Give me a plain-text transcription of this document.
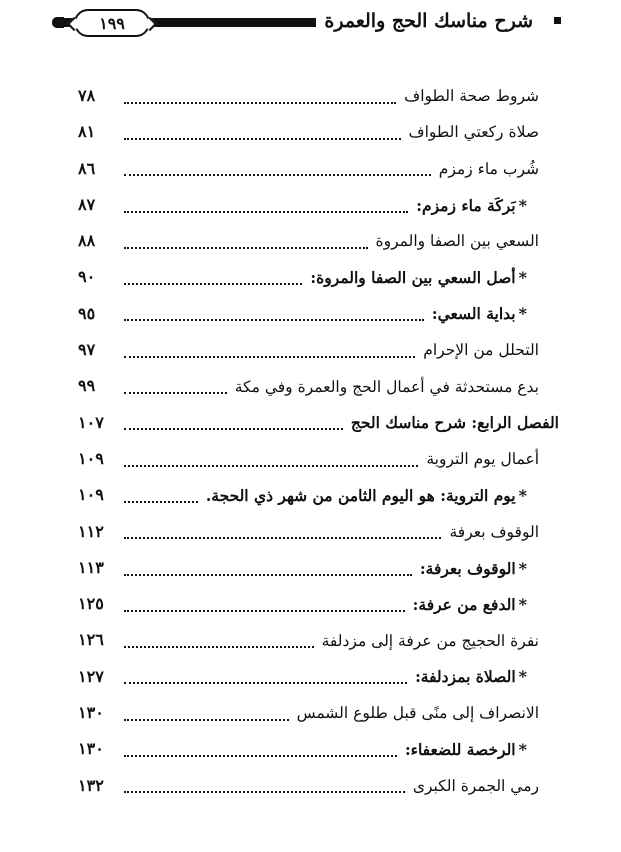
١٩٩	شرح مناسك الحج والعمرة
شروط صحة الطواف
٧٨
صلاة ركعتي الطواف
٨١
شُرب ماء زمزم
٨٦
*
بَركَة ماء زمزم:
٨٧
السعي بين الصفا والمروة
٨٨
*
أصل السعي بين الصفا والمروة:
٩٠
*
بداية السعي:
٩٥
التحلل من الإحرام
٩٧
بدع مستحدثة في أعمال الحج والعمرة وفي مكة
٩٩
الفصل الرابع: شرح مناسك الحج
١٠٧
أعمال يوم التروية
١٠٩
*
يوم التروية: هو اليوم الثامن من شهر ذي الحجة.
١٠٩
الوقوف بعرفة
١١٢
*
الوقوف بعرفة:
١١٣
*
الدفع من عرفة:
١٢٥
نفرة الحجيج من عرفة إلى مزدلفة
١٢٦
*
الصلاة بمزدلفة:
١٢٧
الانصراف إلى منًى قبل طلوع الشمس
١٣٠
*
الرخصة للضعفاء:
١٣٠
رمي الجمرة الكبرى
١٣٢
